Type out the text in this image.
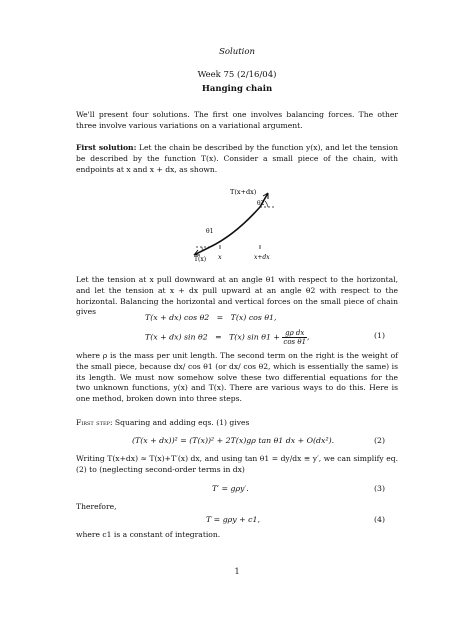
Solution
Week 75 (2/16/04)
Hanging chain
We'll present four solutions. The first one involves balancing forces. The other three involve various variations on a variational argument.
First solution: Let the chain be described by the function y(x), and let the tension be described by the function T(x). Consider a small piece of the chain, with endpoints at x and x + dx, as shown.
T(x+dx)
θ2
θ1
T(x) x	x+dx
Let the tension at x pull downward at an angle θ1 with respect to the horizontal, and let the tension at x + dx pull upward at an angle θ2 with respect to the horizontal. Balancing the horizontal and vertical forces on the small piece of chain gives
T(x + dx) cos θ2 = T(x) cos θ1,
T(x + dx) sin θ2 = T(x) $\sin \theta 1 + \frac{\text{gρ dx}}{\text{cos θ1}}$ ,	(1)
where ρ is the mass per unit length. The second term on the right is the weight of the small piece, because dx/ cos θ1 (or dx/ cos θ2, which is essentially the same) is its length. We must now somehow solve these two differential equations for the two unknown functions, y(x) and T(x). There are various ways to do this. Here is one method, broken down into three steps.
First step: Squaring and adding eqs. (1) gives
(T(x + dx))² = (T(x))² + 2T(x)gρ tan θ1 dx + O(dx²).	(2)
Writing T(x+dx) ≈ T(x)+T′(x) dx, and using tan θ1 = dy/dx ≡ y′, we can simplify eq. (2) to (neglecting second-order terms in dx)
T′ = gρy′.	(3)
Therefore,
T = gρy + c1,	(4)
where c1 is a constant of integration.
1
